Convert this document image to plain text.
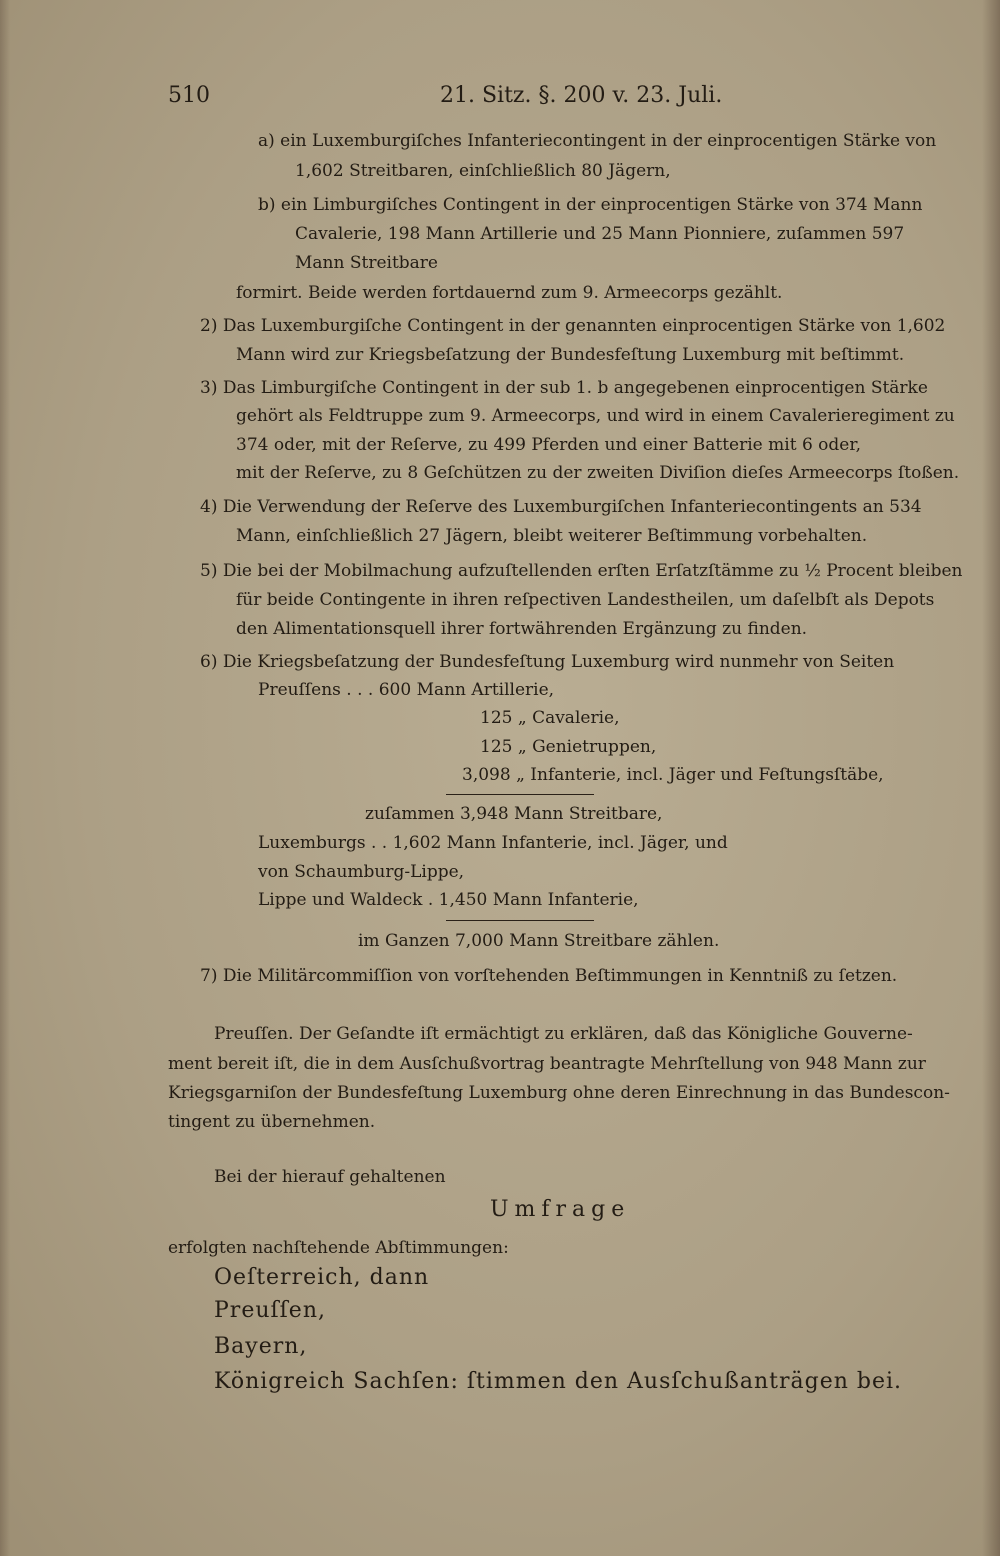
510	21. Sitz. §. 200 v. 23. Juli.
a) ein Luxemburgiſches Infanteriecontingent in der einprocentigen Stärke von
1,602 Streitbaren, einſchließlich 80 Jägern,
b) ein Limburgiſches Contingent in der einprocentigen Stärke von 374 Mann
Cavalerie, 198 Mann Artillerie und 25 Mann Pionniere, zuſammen 597
Mann Streitbare
formirt. Beide werden fortdauernd zum 9. Armeecorps gezählt.
2) Das Luxemburgiſche Contingent in der genannten einprocentigen Stärke von 1,602
Mann wird zur Kriegsbeſatzung der Bundesfeſtung Luxemburg mit beſtimmt.
3) Das Limburgiſche Contingent in der sub 1. b angegebenen einprocentigen Stärke
gehört als Feldtruppe zum 9. Armeecorps, und wird in einem Cavalerieregiment zu
374 oder, mit der Reſerve, zu 499 Pferden und einer Batterie mit 6 oder,
mit der Reſerve, zu 8 Geſchützen zu der zweiten Diviſion dieſes Armeecorps ſtoßen.
4) Die Verwendung der Reſerve des Luxemburgiſchen Infanteriecontingents an 534
Mann, einſchließlich 27 Jägern, bleibt weiterer Beſtimmung vorbehalten.
5) Die bei der Mobilmachung aufzuſtellenden erſten Erſatzſtämme zu ½ Procent bleiben
für beide Contingente in ihren reſpectiven Landestheilen, um daſelbſt als Depots
den Alimentationsquell ihrer fortwährenden Ergänzung zu finden.
6) Die Kriegsbeſatzung der Bundesfeſtung Luxemburg wird nunmehr von Seiten
Preuſſens . . . 600 Mann Artillerie,
125 „ Cavalerie,
125 „ Genietruppen,
3,098 „ Infanterie, incl. Jäger und Feſtungsſtäbe,
zuſammen 3,948 Mann Streitbare,
Luxemburgs . . 1,602 Mann Infanterie, incl. Jäger, und
von Schaumburg-Lippe,
Lippe und Waldeck . 1,450 Mann Infanterie,
im Ganzen 7,000 Mann Streitbare zählen.
7) Die Militärcommiſſion von vorſtehenden Beſtimmungen in Kenntniß zu ſetzen.
Preuſſen. Der Geſandte iſt ermächtigt zu erklären, daß das Königliche Gouverne-
ment bereit iſt, die in dem Ausſchußvortrag beantragte Mehrſtellung von 948 Mann zur
Kriegsgarniſon der Bundesfeſtung Luxemburg ohne deren Einrechnung in das Bundescon-
tingent zu übernehmen.
Bei der hierauf gehaltenen
Umfrage
erfolgten nachſtehende Abſtimmungen:
Oeſterreich, dann
Preuſſen,
Bayern,
Königreich Sachſen: ſtimmen den Ausſchußanträgen bei.
